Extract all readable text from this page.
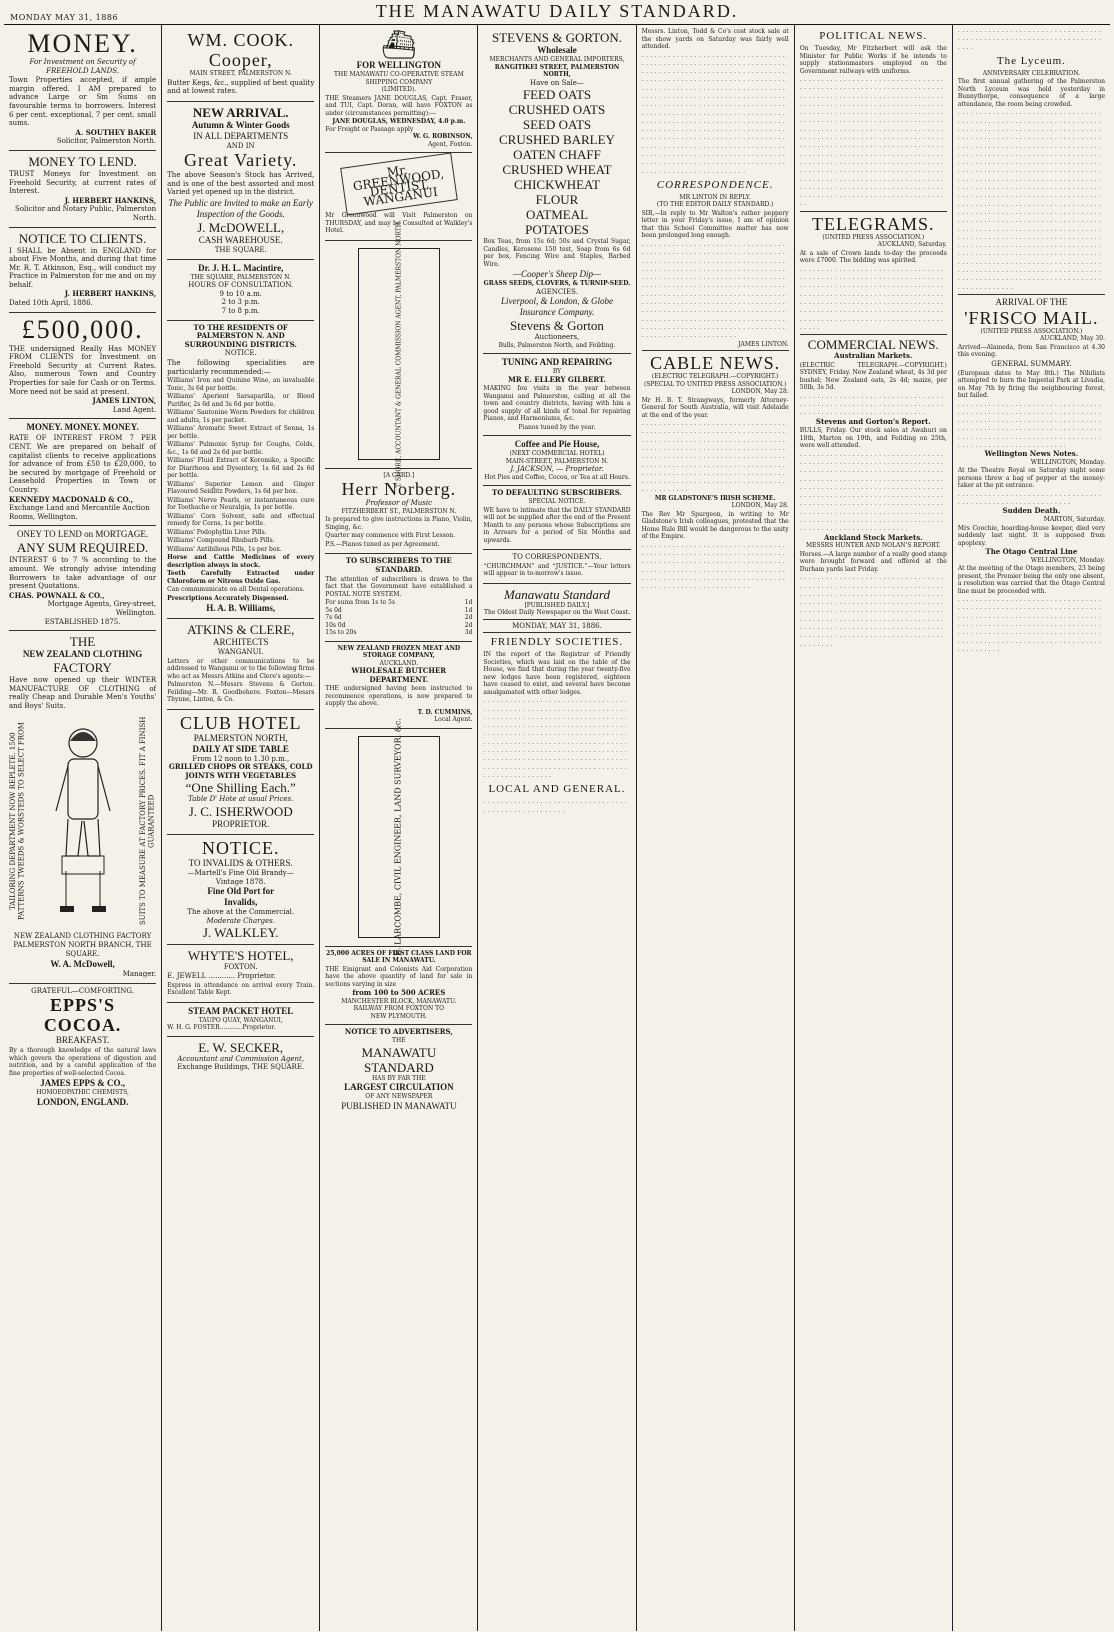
MONDAY MAY 31, 1886	THE MANAWATU DAILY STANDARD.
MONEY.
For Investment on Security of FREEHOLD LANDS.

Town Properties accepted, if ample margin offered. I AM prepared to advance Large or Sm Sums on favourable terms to borrowers. Interest 6 per cent. exceptional, 7 per cent. small sums.

A. SOUTHEY BAKER
Solicitor, Palmerston North.
MONEY TO LEND.

TRUST Moneys for Investment on Freehold Security, at current rates of Interest.

J. HERBERT HANKINS,
Solicitor and Notary Public, Palmerston North.
NOTICE TO CLIENTS.

I SHALL be Absent in ENGLAND for about Five Months, and during that time Mr. R. T. Atkinson, Esq., will conduct my Practice in Palmerston for me and on my behalf.

J. HERBERT HANKINS,
Dated 10th April, 1886.
£500,000.

THE undersigned Really Has MONEY FROM CLIENTS for Investment on Freehold Security at Current Rates. Also, numerous Town and Country Properties for sale for Cash or on Terms. More need not be said at present.

JAMES LINTON,
Land Agent.
MONEY. MONEY. MONEY.

RATE OF INTEREST FROM 7 PER CENT. We are prepared on behalf of capitalist clients to receive applications for advance of from £50 to £20,000, to be secured by mortgage of Freehold or Leasehold Properties in Town or Country.

KENNEDY MACDONALD & CO.,
Exchange Land and Mercantile Auction Rooms, Wellington.
ONEY TO LEND on MORTGAGE.
ANY SUM REQUIRED.

INTEREST 6 to 7 % according to the amount. We strongly advise intending Borrowers to take advantage of our present Quotations.

CHAS. POWNALL & CO.,
Mortgage Agents, Grey-street, Wellington.
ESTABLISHED 1875.
THE
NEW ZEALAND CLOTHING
FACTORY

Have now opened up their WINTER MANUFACTURE OF CLOTHING of really Cheap and Durable Men's Youths' and Boys' Suits.

TAILORING DEPARTMENT NOW REPLETE. 1500 PATTERNS TWEEDS & WORSTEDS TO SELECT FROM	SUITS TO MEASURE AT FACTORY PRICES. FIT A FINISH GUARANTEED

NEW ZEALAND CLOTHING FACTORY PALMERSTON NORTH BRANCH, THE SQUARE.

W. A. McDowell,
Manager.
GRATEFUL—COMFORTING.
EPPS'S COCOA.
BREAKFAST.

By a thorough knowledge of the natural laws which govern the operations of digestion and nutrition, and by a careful application of the fine properties of well-selected Cocoa.

JAMES EPPS & CO.,
HOMOEOPATHIC CHEMISTS,
LONDON, ENGLAND.
WM. COOK.
Cooper,
MAIN STREET, PALMERSTON N.

Butter Kegs, &c., supplied of best quality and at lowest rates.

NEW ARRIVAL.
Autumn & Winter Goods
IN ALL DEPARTMENTS
AND IN
Great Variety.

The above Season's Stock has Arrived, and is one of the best assorted and most Varied yet opened up in the district.

The Public are Invited to make an Early Inspection of the Goods.
J. McDOWELL,
CASH WAREHOUSE.
THE SQUARE.
Dr. J. H. L. Macintire,
THE SQUARE, PALMERSTON N.
HOURS OF CONSULTATION.
9 to 10 a.m.
2 to 3 p.m.
7 to 8 p.m.
TO THE RESIDENTS OF PALMERSTON N. AND SURROUNDING DISTRICTS.
NOTICE.

The following specialities are particularly recommended:—

Williams' Iron and Quinine Wine, an invaluable Tonic, 3s 6d per bottle.

Williams' Aperient Sarsaparilla, or Blood Purifier, 2s 6d and 3s 6d per bottle.

Williams' Santonine Worm Powders for children and adults, 1s per packet.

Williams' Aromatic Sweet Extract of Senna, 1s per bottle.

Williams' Pulmonic Syrup for Coughs, Colds, &c., 1s 6d and 2s 6d per bottle.

Williams' Fluid Extract of Koromiko, a Specific for Diarrhoea and Dysentery, 1s 6d and 2s 6d per bottle.

Williams' Superior Lemon and Ginger Flavoured Seidlitz Powders, 1s 6d per box.

Williams' Nerve Pearls, or instantaneous cure for Toothache or Neuralgia, 1s per bottle.

Williams' Corn Solvent, safe and effectual remedy for Corns, 1s per bottle.

Williams' Podophyllin Liver Pills.

Williams' Compound Rhubarb Pills.

Williams' Antibilious Pills, 1s per box.

Horse and Cattle Medicines of every description always in stock.

Teeth Carefully Extracted under Chloroform or Nitrous Oxide Gas.

Can commmunicate on all Dental operations.

Prescriptions Accurately Dispensed.

H. A. B. Williams,
ATKINS & CLERE,
ARCHITECTS
WANGANUI.

Letters or other communications to be addressed to Wanganui or to the following firms who act as Messrs Atkins and Clere's agents:—

Palmerston N.—Messrs Stevens & Gorton. Feilding—Mr. R. Goodbehere. Foxton—Messrs Thynne, Linton, & Co.

CLUB HOTEL
PALMERSTON NORTH,
DAILY AT SIDE TABLE
From 12 noon to 1.30 p.m.,
GRILLED CHOPS OR STEAKS, COLD JOINTS WITH VEGETABLES
“One Shilling Each.”
Table D' Hote at usual Prices.
J. C. ISHERWOOD
PROPRIETOR.
NOTICE.
TO INVALIDS & OTHERS.
—Martell's Fine Old Brandy—
Vintage 1878.
Fine Old Port for
Invalids,
The above at the Commercial.
Moderate Charges.
J. WALKLEY.
WHYTE'S HOTEL,
FOXTON.
E. JEWELL ............ Proprietor.

Express in attendance on arrival every Train. Excellent Table Kept.

STEAM PACKET HOTEL
TAUPO QUAY, WANGANUI,
W. H. G. FOSTER............Proprietor.
E. W. SECKER,
Accountant and Commission Agent,
Exchange Buildings, THE SQUARE.
⛴
FOR WELLINGTON
THE MANAWATU CO-OPERATIVE STEAM SHIPPING COMPANY
(LIMITED).

THE Steamers JANE DOUGLAS, Capt. Fraser, and TUI, Capt. Doran, will have FOXTON as under (circumstances permitting):—

JANE DOUGLAS, WEDNESDAY, 4.0 p.m.
For Freight or Passage apply
W. G. ROBINSON,
Agent, Foxton.
Mr. GREENWOOD, DENTIST, WANGANUI

Mr Greenwood will Visit Palmerston on THURSDAY, and may be Consulted at Walkley's Hotel.	T. SHORE, ACCOUNTANT & GENERAL COMMISSION AGENT, PALMERSTON NORTH.
[A CARD.]
Herr Norberg.
Professor of Music
FITZHERBERT ST., PALMERSTON N.

Is prepared to give instructions in Piano, Violin, Singing, &c.

Quarter may commence with First Lesson.

P.S.—Pianos tuned as per Agreement.

TO SUBSCRIBERS TO THE STANDARD.

The attention of subscribers is drawn to the fact that the Government have established a POSTAL NOTE SYSTEM.

For sums from 1s to 5s	1d
5s 0d	1d
7s 6d	2d
10s 0d	2d
15s to 20s	3d
NEW ZEALAND FROZEN MEAT AND STORAGE COMPANY,
AUCKLAND.
WHOLESALE BUTCHER DEPARTMENT.

THE undersigned having been instructed to recommence operations, is now prepared to supply the above.

T. D. CUMMINS,
Local Agent.
E. LARCOMBE, CIVIL ENGINEER, LAND SURVEYOR, &c.
25,000 ACRES OF FIRST CLASS LAND FOR SALE IN MANAWATU.

THE Emigrant and Colonists Aid Corporation have the above quantity of land for sale in sections varying in size

from 100 to 500 ACRES
MANCHESTER BLOCK, MANAWATU.
RAILWAY FROM FOXTON TO
NEW PLYMOUTH.
NOTICE TO ADVERTISERS,
THE
MANAWATU STANDARD
HAS BY FAR THE
LARGEST CIRCULATION
OF ANY NEWSPAPER
PUBLISHED IN MANAWATU
STEVENS & GORTON.
Wholesale
MERCHANTS AND GENERAL IMPORTERS,
RANGITIKEI STREET, PALMERSTON NORTH,
Have on Sale—
FEED OATS
CRUSHED OATS
SEED OATS
CRUSHED BARLEY
OATEN CHAFF
CRUSHED WHEAT
CHICKWHEAT
FLOUR
OATMEAL
POTATOES

Box Teas, from 15s 6d; 50s and Crystal Sugar, Candles, Kerosene 150 test, Soap from 6s 6d per box, Fencing Wire and Staples, Barbed Wire.

—Cooper's Sheep Dip—
GRASS SEEDS, CLOVERS, & TURNIP-SEED.
AGENCIES.
Liverpool, & London, & Globe Insurance Company.
Stevens & Gorton
Auctioneers,
Bulls, Palmerston North, and Feilding.
TUNING AND REPAIRING
BY
MR E. ELLERY GILBERT.

MAKING fou visits in the year between Wanganui and Palmerston, calling at all the town and country districts, having with him a good supply of all kinds of tonal for repairing Pianos, and Harmoniums, &c.

Pianos tuned by the year.
Coffee and Pie House,
(NEXT COMMERCIAL HOTEL)
MAIN-STREET, PALMERSTON N.
J. JACKSON, — Proprietor.
Hot Pies and Coffee, Cocoa, or Tea at all Hours.
TO DEFAULTING SUBSCRIBERS.
SPECIAL NOTICE.

WE have to intimate that the DAILY STANDARD will not be supplied after the end of the Present Month to any persons whose Subscriptions are in Arrears for a period of Six Months and upwards.

TO CORRESPONDENTS.

“CHURCHMAN” and “JUSTICE.”—Your letters will appear in to-morrow's issue.

Manawatu Standard
[PUBLISHED DAILY.]
The Oldest Daily Newspaper on the West Coast.
MONDAY, MAY 31, 1886.
FRIENDLY SOCIETIES.

IN the report of the Registrar of Friendly Societies, which was laid on the table of the House, we find that during the year twenty-five new lodges have been registered, eighteen have ceased to exist, and several have become amalgamated with other lodges.

. . . . . . . . . . . . . . . . . . . . . . . . . . . . . . . . . . . . . . . . . . . . . . . . . . . . . . . . . . . . . . . . . . . . . . . . . . . . . . . . . . . . . . . . . . . . . . . . . . . . . . . . . . . . . . . . . . . . . . . . . . . . . . . . . . . . . . . . . . . . . . . . . . . . . . . . . . . . . . . . . . . . . . . . . . . . . . . . . . . . . . . . . . . . . . . . . . . . . . . . . . . . . . . . . . . . . . . . . . . . . . . . . . . . . . . . . . . . . . . . . . . . . . . . . . . . . . . . . . . . . . . . . . . . . . . . . . . . . . . . . . . . . . . . . . . . . . . . . . . . . . . . . . . . . . . . .
LOCAL AND GENERAL.
. . . . . . . . . . . . . . . . . . . . . . . . . . . . . . . . . . . . . . . . . . . . . . . . . . . .

Messrs. Linton, Todd & Co's cost stock sale at the show yards on Saturday was fairly well attended.

. . . . . . . . . . . . . . . . . . . . . . . . . . . . . . . . . . . . . . . . . . . . . . . . . . . . . . . . . . . . . . . . . . . . . . . . . . . . . . . . . . . . . . . . . . . . . . . . . . . . . . . . . . . . . . . . . . . . . . . . . . . . . . . . . . . . . . . . . . . . . . . . . . . . . . . . . . . . . . . . . . . . . . . . . . . . . . . . . . . . . . . . . . . . . . . . . . . . . . . . . . . . . . . . . . . . . . . . . . . . . . . . . . . . . . . . . . . . . . . . . . . . . . . . . . . . . . . . . . . . . . . . . . . . . . . . . . . . . . . . . . . . . . . . . . . . . . . . . . . . . . . . . . . . . . . . . . . . . . . . . . . . . . . . . . . . . . . . . . . . . . . . . . . . . . . . . . . . . . . . . . . . . . . . . . . . . . . . . . . . . . . . . . . . . . . . . . . . . . . . . . . . . . . . . . . . . . . . . . . . . . . . . . . . . . . . . . . . . . . . . . . . . . . . . . . . . . . . . . . . . . . . . . . . . . . . . . . . . . . . . . . . . .
CORRESPONDENCE.
MR LINTON IN REPLY.
(TO THE EDITOR DAILY STANDARD.)

SIR,—In reply to Mr Walton's rather peppery letter in your Friday's issue, I am of opinion that this School Committee matter has now been prolonged long enough.

. . . . . . . . . . . . . . . . . . . . . . . . . . . . . . . . . . . . . . . . . . . . . . . . . . . . . . . . . . . . . . . . . . . . . . . . . . . . . . . . . . . . . . . . . . . . . . . . . . . . . . . . . . . . . . . . . . . . . . . . . . . . . . . . . . . . . . . . . . . . . . . . . . . . . . . . . . . . . . . . . . . . . . . . . . . . . . . . . . . . . . . . . . . . . . . . . . . . . . . . . . . . . . . . . . . . . . . . . . . . . . . . . . . . . . . . . . . . . . . . . . . . . . . . . . . . . . . . . . . . . . . . . . . . . . . . . . . . . . . . . . . . . . . . . . . . . . . . . . . . . . . . . . . . . . . . . . . . . . . . . . . . . . . . . . . . . . . . . . . . . . . . . . . . . . . . . . . . . . . . . . . . . . . . . . . . . . . . . . . . . . . . .
JAMES LINTON.
CABLE NEWS.
(ELECTRIC TELEGRAPH.—COPYRIGHT.) (SPECIAL TO UNITED PRESS ASSOCIATION.)
LONDON, May 28.

Mr H. B. T. Strangways, formerly Attorney-General for South Australia, will visit Adelaide at the end of the year.

. . . . . . . . . . . . . . . . . . . . . . . . . . . . . . . . . . . . . . . . . . . . . . . . . . . . . . . . . . . . . . . . . . . . . . . . . . . . . . . . . . . . . . . . . . . . . . . . . . . . . . . . . . . . . . . . . . . . . . . . . . . . . . . . . . . . . . . . . . . . . . . . . . . . . . . . . . . . . . . . . . . . . . . . . . . . . . . . . . . . . . . . . . . . . . . . . . . . . . . . . . . . . . . . . . . . . . . . . . . . . . . . . . . . . . . . . . . . . . . . . . . . . . . . . . . . . . . . . . . . . . . . . . . . . . . . . . .
MR GLADSTONE'S IRISH SCHEME.
LONDON, May 28.

The Rev Mr Spurgeon, in writing to Mr Gladstone's Irish colleagues, protested that the Home Rule Bill would be dangerous to the unity of the Empire.

. . . . . . . . . . . . . . . . . . . . . . . . . . . . . . . . . . . . . . . . . . . . . . . . . . . . . . . . . . . . . . . . . . . . . . . . . . . . . . . . . . . . . . . . . . . . . . . . . . . . . . . . . . . . . . . . . . . . . . . . . . . . . . . . . . . . . . . . . . . . . . . . . . . . . . . . . . . . . . . . . . . . . . . . . . . . . . . . . . . . . . . . . . . . . .
POLITICAL NEWS.

On Tuesday, Mr Fitzherbert will ask the Minister for Public Works if he intends to supply stationmasters employed on the Government railways with uniforms.

. . . . . . . . . . . . . . . . . . . . . . . . . . . . . . . . . . . . . . . . . . . . . . . . . . . . . . . . . . . . . . . . . . . . . . . . . . . . . . . . . . . . . . . . . . . . . . . . . . . . . . . . . . . . . . . . . . . . . . . . . . . . . . . . . . . . . . . . . . . . . . . . . . . . . . . . . . . . . . . . . . . . . . . . . . . . . . . . . . . . . . . . . . . . . . . . . . . . . . . . . . . . . . . . . . . . . . . . . . . . . . . . . . . . . . . . . . . . . . . . . . . . . . . . . . . . . . . . . . . . . . . . . . . . . . . . . . . . . . . . . . . . . . . . . . . . . . . . . . . . . . . . . . . . . . . . . . . . . . . . . . . . . . . . . . . . . . . . . . . . . . . . . . . . . . . . . . . . . . . . . . . . . . . . . . . . . . . . . . . . . . . . . . . . . . . . . . . . . . . . . . . . . . . . . . . . . . . . . . . . . . . . . . . . . . . . . . . . . . . . . . . . . . . . . . . . . . . . . . . . . . . . . . . . . . . . . . . . . . . . . . . . . . . . . . . . . . . . .
TELEGRAMS.
(UNITED PRESS ASSOCIATION.)
AUCKLAND, Saturday.

At a sale of Crown lands to-day the proceeds were £7000. The bidding was spirited.

. . . . . . . . . . . . . . . . . . . . . . . . . . . . . . . . . . . . . . . . . . . . . . . . . . . . . . . . . . . . . . . . . . . . . . . . . . . . . . . . . . . . . . . . . . . . . . . . . . . . . . . . . . . . . . . . . . . . . . . . . . . . . . . . . . . . . . . . . . . . . . . . . . . . . . . . . . . . . . . . . . . . . . . . . . . . . . . . . . . . . . . . . . . . . . . . . . . . . . . . . . . . . . . . . . . . . . . . . . . . . . . . . . . . . . . . . . . .
COMMERCIAL NEWS.
Australian Markets.

(ELECTRIC TELEGRAPH.—COPYRIGHT.) SYDNEY, Friday. New Zealand wheat, 4s 3d per bushel; New Zealand oats, 2s 4d; maize, per 50lb, 3s 5d.

. . . . . . . . . . . . . . . . . . . . . . . . . . . . . . . . . . . . . . . . . . . . . . . . . . . . . . . . . . . . . . . . . . . . . . . . . . . . . . . . . . . . . . . . . . . . . . .
Stevens and Gorton's Report.

BULLS, Friday. Our stock sales at Awahuri on 18th, Marton on 19th, and Feilding on 25th, were well attended.

. . . . . . . . . . . . . . . . . . . . . . . . . . . . . . . . . . . . . . . . . . . . . . . . . . . . . . . . . . . . . . . . . . . . . . . . . . . . . . . . . . . . . . . . . . . . . . . . . . . . . . . . . . . . . . . . . . . . . . . . . . . . . . . . . . . . . . . . . . . . . . . . . . . . . . . . . . . . . . . . . . . . . . . . . . . . . . . . . . . . . . . . . . . . . . . . . . . . . . . . . . . . . . . . . . . . . . . . . . . . . . . . . . . . . . . . . . . . . . . . . . . . . . . . . . . . . . . . . . . . . . . . . . . . . . . . . . . . . . . . . . . . . . . . . . . . . . . . . . . . . . . . . . . . . . . . . . . . . . . . . .
Auckland Stock Markets.
MESSRS HUNTER AND NOLAN'S REPORT.

Horses.—A large number of a really good stamp were brought forward and offered at the Durham yards last Friday.

. . . . . . . . . . . . . . . . . . . . . . . . . . . . . . . . . . . . . . . . . . . . . . . . . . . . . . . . . . . . . . . . . . . . . . . . . . . . . . . . . . . . . . . . . . . . . . . . . . . . . . . . . . . . . . . . . . . . . . . . . . . . . . . . . . . . . . . . . . . . . . . . . . . . . . . . . . . . . . . . . . . . . . . . . . . . . . . . . . . . . . . . . . . . . . . . . . . . . . . . . . . . . . . . . . . . . . . . . . . . . . . . . . . . . . . . . . . . . . . . . . . . . . . . . . . . . . . . . . . . . . . . . . . . . . . .
. . . . . . . . . . . . . . . . . . . . . . . . . . . . . . . . . . . . . . . . . . . . . . . . . . . . . . . . . . . . . . . . . . . . . .
The Lyceum.
ANNIVERSARY CELEBRATION.

The first annual gathering of the Palmerston North Lyceum was held yesterday in Bunnythorpe, consequence of a large attendance, the room being crowded.

. . . . . . . . . . . . . . . . . . . . . . . . . . . . . . . . . . . . . . . . . . . . . . . . . . . . . . . . . . . . . . . . . . . . . . . . . . . . . . . . . . . . . . . . . . . . . . . . . . . . . . . . . . . . . . . . . . . . . . . . . . . . . . . . . . . . . . . . . . . . . . . . . . . . . . . . . . . . . . . . . . . . . . . . . . . . . . . . . . . . . . . . . . . . . . . . . . . . . . . . . . . . . . . . . . . . . . . . . . . . . . . . . . . . . . . . . . . . . . . . . . . . . . . . . . . . . . . . . . . . . . . . . . . . . . . . . . . . . . . . . . . . . . . . . . . . . . . . . . . . . . . . . . . . . . . . . . . . . . . . . . . . . . . . . . . . . . . . . . . . . . . . . . . . . . . . . . . . . . . . . . . . . . . . . . . . . . . . . . . . . . . . . . . . . . . . . . . . . . . . . . . . . . . . . . . . . . . . . . . . . . . . . . . . . . . . . . . . . . . . . . . . . . . . . . . . . . . . . . . . . . . . . . . . . . . . . . . . . . . . . . . . . . . . . . . . . . . . . . . . . . . . . . . . . . . . . . . . . . . . . . . . . . . . . . . . . . . . . . . . . . . . . . . . . . . . . . . . . . . . . . . . . . . . . . . . . . . . . . . . . . . . . . . . . . . . . . . . . . . . . . . . . . . . . . . . . . . . . . . . . . . . . . . . . . . . . . . . . . . . . . . . . . . . . . . . . . . . . . . . . . . . . . . . . . . . . . . . . . . . . . . . . . . . . . . . . . . . . . . . . . . . . .
ARRIVAL OF THE
'FRISCO MAIL.
(UNITED PRESS ASSOCIATION.)
AUCKLAND, May 30.

Arrived—Alameda, from San Francisco at 4.30 this evening.

GENERAL SUMMARY.

(European dates to May 8th.) The Nihilists attempted to burn the Imperial Park at Livadia, on May 7th by firing the neighbouring forest, but failed.

. . . . . . . . . . . . . . . . . . . . . . . . . . . . . . . . . . . . . . . . . . . . . . . . . . . . . . . . . . . . . . . . . . . . . . . . . . . . . . . . . . . . . . . . . . . . . . . . . . . . . . . . . . . . . . . . . . . . . . . . . . . . . . . . . . . . . . . . . . . . . . . . . . . . . . . . . . . . . . . . . . . . . . . . . . . . . . . . . . . . . . . . . . . . . .
Wellington News Notes.
WELLINGTON, Monday.

At the Theatre Royal on Saturday night some persons threw a bag of pepper at the money-taker at the pit entrance.

. . . . . . . . . . . . . . . . . . . . . . . . . . . . . . . . . . . . . . . . . . . . . . . . . . . . . . . . . . .
Sudden Death.
MARTON, Saturday.

Mrs Coochie, boarding-house keeper, died very suddenly last night. It is supposed from apoplexy.

The Otago Central Line
WELLINGTON, Monday.

At the meeting of the Otago members, 23 being present, the Premier being the only one absent, a resolution was carried that the Otago Central line must be proceeded with.

. . . . . . . . . . . . . . . . . . . . . . . . . . . . . . . . . . . . . . . . . . . . . . . . . . . . . . . . . . . . . . . . . . . . . . . . . . . . . . . . . . . . . . . . . . . . . . . . . . . . . . . . . . . . . . . . . . . . . . . . . . . . . . . . . . . . . . . . . . . . . . . . . . . . . . . . . . . . . . . . . . . . . . . . . . . . . . . . . . . . . . . . . . . . . . . . . . . . . . . . . . . . . . . .
